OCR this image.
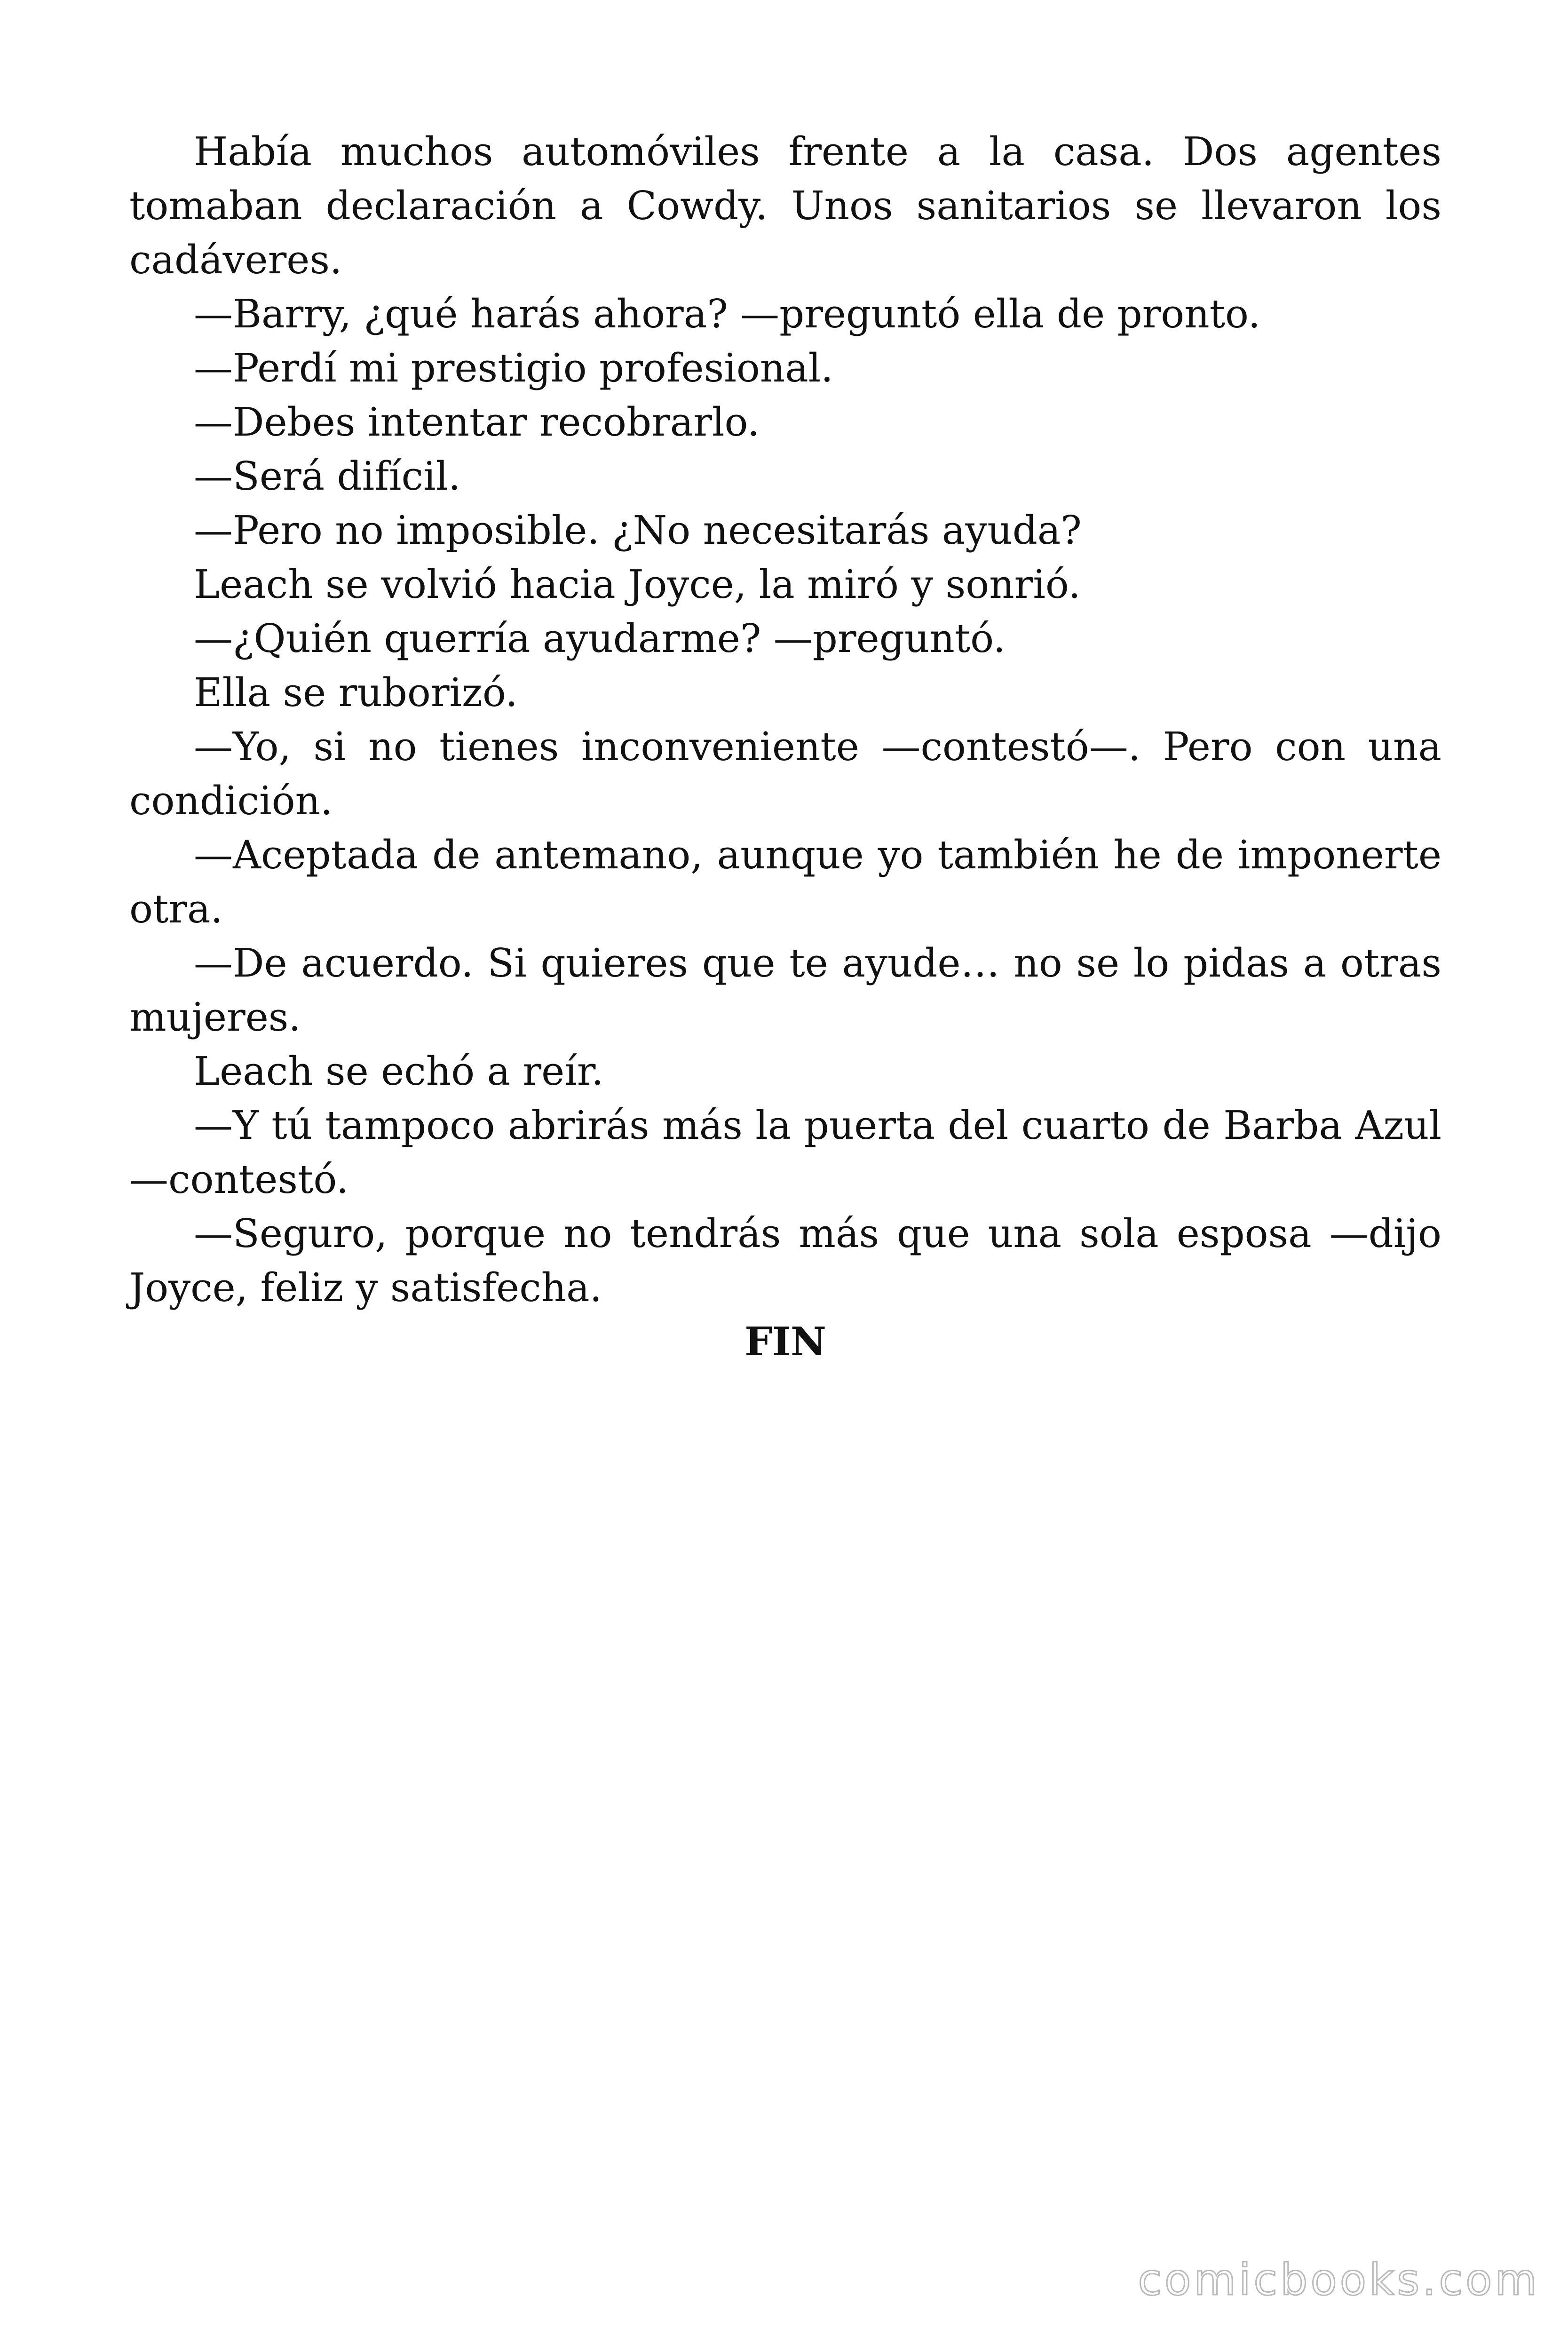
Había muchos automóviles frente a la casa. Dos agentes tomaban declaración a Cowdy. Unos sanitarios se llevaron los cadáveres.

—Barry, ¿qué harás ahora? —preguntó ella de pronto.

—Perdí mi prestigio profesional.

—Debes intentar recobrarlo.

—Será difícil.

—Pero no imposible. ¿No necesitarás ayuda?

Leach se volvió hacia Joyce, la miró y sonrió.

—¿Quién querría ayudarme? —preguntó.

Ella se ruborizó.

—Yo, si no tienes inconveniente —contestó—. Pero con una condición.

—Aceptada de antemano, aunque yo también he de imponerte otra.

—De acuerdo. Si quieres que te ayude… no se lo pidas a otras mujeres.

Leach se echó a reír.

—Y tú tampoco abrirás más la puerta del cuarto de Barba Azul —contestó.

—Seguro, porque no tendrás más que una sola esposa —dijo Joyce, feliz y satisfecha.

FIN

comicbooks.com
